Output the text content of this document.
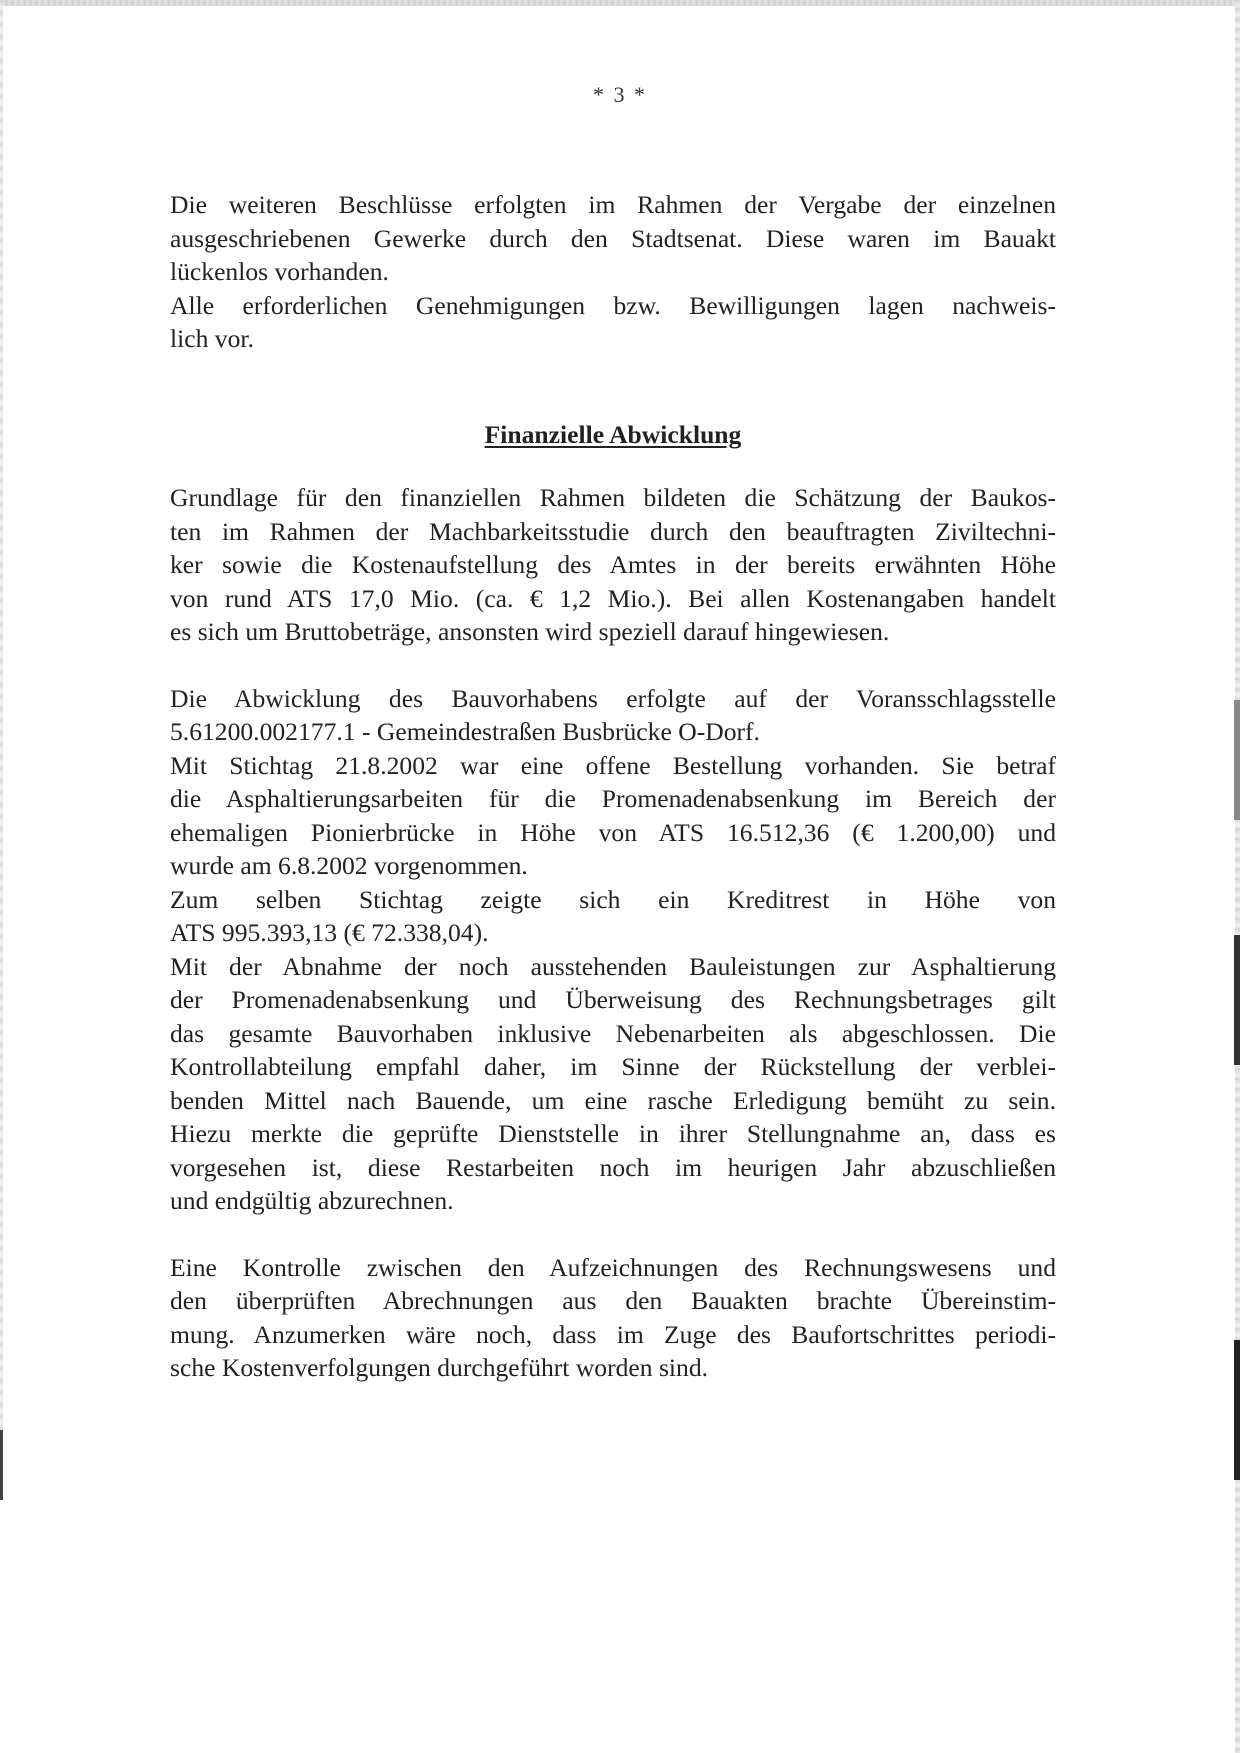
* 3 *

Die weiteren Beschlüsse erfolgten im Rahmen der Vergabe der einzelnen

ausgeschriebenen Gewerke durch den Stadtsenat. Diese waren im Bauakt

lückenlos vorhanden.

Alle erforderlichen Genehmigungen bzw. Bewilligungen lagen nachweis-

lich vor.

Finanzielle Abwicklung

Grundlage für den finanziellen Rahmen bildeten die Schätzung der Baukos-

ten im Rahmen der Machbarkeitsstudie durch den beauftragten Ziviltechni-

ker sowie die Kostenaufstellung des Amtes in der bereits erwähnten Höhe

von rund ATS 17,0 Mio. (ca. € 1,2 Mio.). Bei allen Kostenangaben handelt

es sich um Bruttobeträge, ansonsten wird speziell darauf hingewiesen.

Die Abwicklung des Bauvorhabens erfolgte auf der Voransschlagsstelle

5.61200.002177.1 - Gemeindestraßen Busbrücke O-Dorf.

Mit Stichtag 21.8.2002 war eine offene Bestellung vorhanden. Sie betraf

die Asphaltierungsarbeiten für die Promenadenabsenkung im Bereich der

ehemaligen Pionierbrücke in Höhe von ATS 16.512,36 (€ 1.200,00) und

wurde am 6.8.2002 vorgenommen.

Zum selben Stichtag zeigte sich ein Kreditrest in Höhe von

ATS 995.393,13 (€ 72.338,04).

Mit der Abnahme der noch ausstehenden Bauleistungen zur Asphaltierung

der Promenadenabsenkung und Überweisung des Rechnungsbetrages gilt

das gesamte Bauvorhaben inklusive Nebenarbeiten als abgeschlossen. Die

Kontrollabteilung empfahl daher, im Sinne der Rückstellung der verblei-

benden Mittel nach Bauende, um eine rasche Erledigung bemüht zu sein.

Hiezu merkte die geprüfte Dienststelle in ihrer Stellungnahme an, dass es

vorgesehen ist, diese Restarbeiten noch im heurigen Jahr abzuschließen

und endgültig abzurechnen.

Eine Kontrolle zwischen den Aufzeichnungen des Rechnungswesens und

den überprüften Abrechnungen aus den Bauakten brachte Übereinstim-

mung. Anzumerken wäre noch, dass im Zuge des Baufortschrittes periodi-

sche Kostenverfolgungen durchgeführt worden sind.
